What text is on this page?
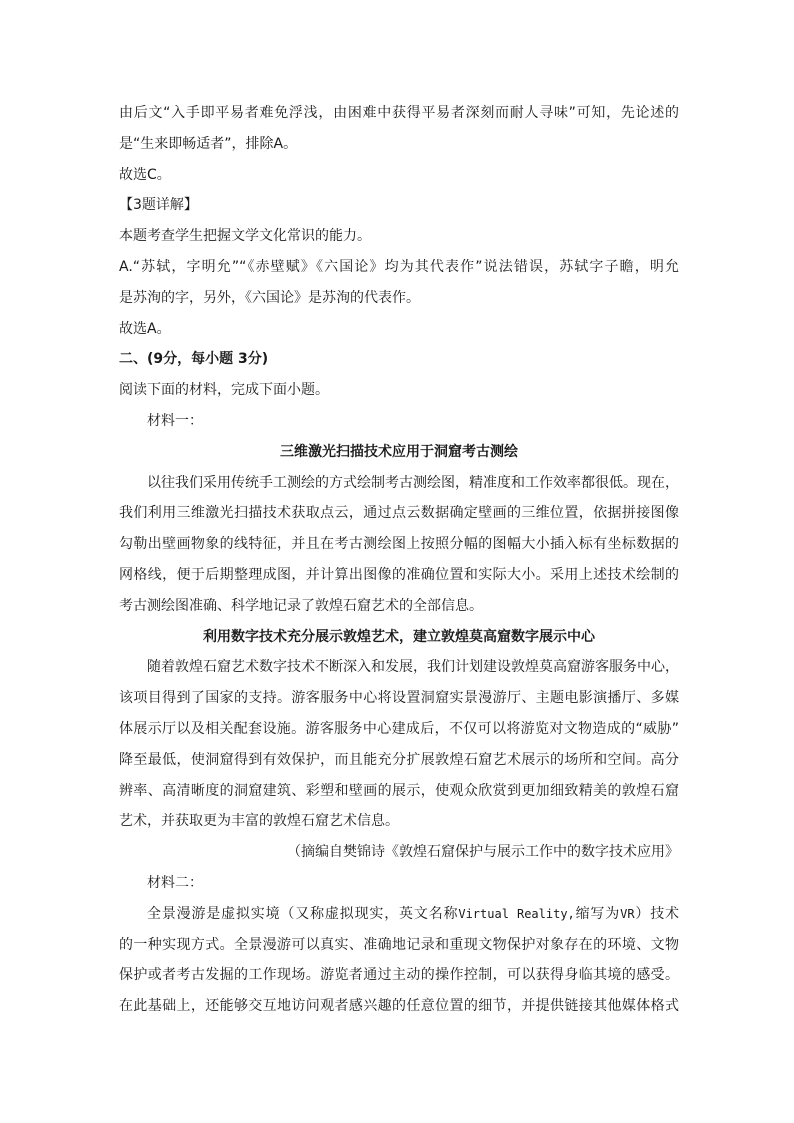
由后文“入手即平易者难免浮浅，由困难中获得平易者深刻而耐人寻味”可知，先论述的
是“生来即畅适者”，排除A。
故选C。
【3题详解】
本题考查学生把握文学文化常识的能力。
A.“苏轼，字明允”“《赤壁赋》《六国论》均为其代表作”说法错误，苏轼字子瞻，明允
是苏洵的字，另外，《六国论》是苏洵的代表作。
故选A。
二、(9分，每小题 3分)
阅读下面的材料，完成下面小题。
材料一：
三维激光扫描技术应用于洞窟考古测绘
以往我们采用传统手工测绘的方式绘制考古测绘图，精准度和工作效率都很低。现在，
我们利用三维激光扫描技术获取点云，通过点云数据确定壁画的三维位置，依据拼接图像
勾勒出壁画物象的线特征，并且在考古测绘图上按照分幅的图幅大小插入标有坐标数据的
网格线，便于后期整理成图，并计算出图像的准确位置和实际大小。采用上述技术绘制的
考古测绘图准确、科学地记录了敦煌石窟艺术的全部信息。
利用数字技术充分展示敦煌艺术，建立敦煌莫高窟数字展示中心
随着敦煌石窟艺术数字技术不断深入和发展，我们计划建设敦煌莫高窟游客服务中心，
该项目得到了国家的支持。游客服务中心将设置洞窟实景漫游厅、主题电影演播厅、多媒
体展示厅以及相关配套设施。游客服务中心建成后，不仅可以将游览对文物造成的“威胁”
降至最低，使洞窟得到有效保护，而且能充分扩展敦煌石窟艺术展示的场所和空间。高分
辨率、高清晰度的洞窟建筑、彩塑和壁画的展示，使观众欣赏到更加细致精美的敦煌石窟
艺术，并获取更为丰富的敦煌石窟艺术信息。
（摘编自樊锦诗《敦煌石窟保护与展示工作中的数字技术应用》
材料二：
全景漫游是虚拟实境（又称虚拟现实，英文名称Virtual Reality,缩写为VR）技术
的一种实现方式。全景漫游可以真实、准确地记录和重现文物保护对象存在的环境、文物
保护或者考古发掘的工作现场。游览者通过主动的操作控制，可以获得身临其境的感受。
在此基础上，还能够交互地访问观者感兴趣的任意位置的细节，并提供链接其他媒体格式
